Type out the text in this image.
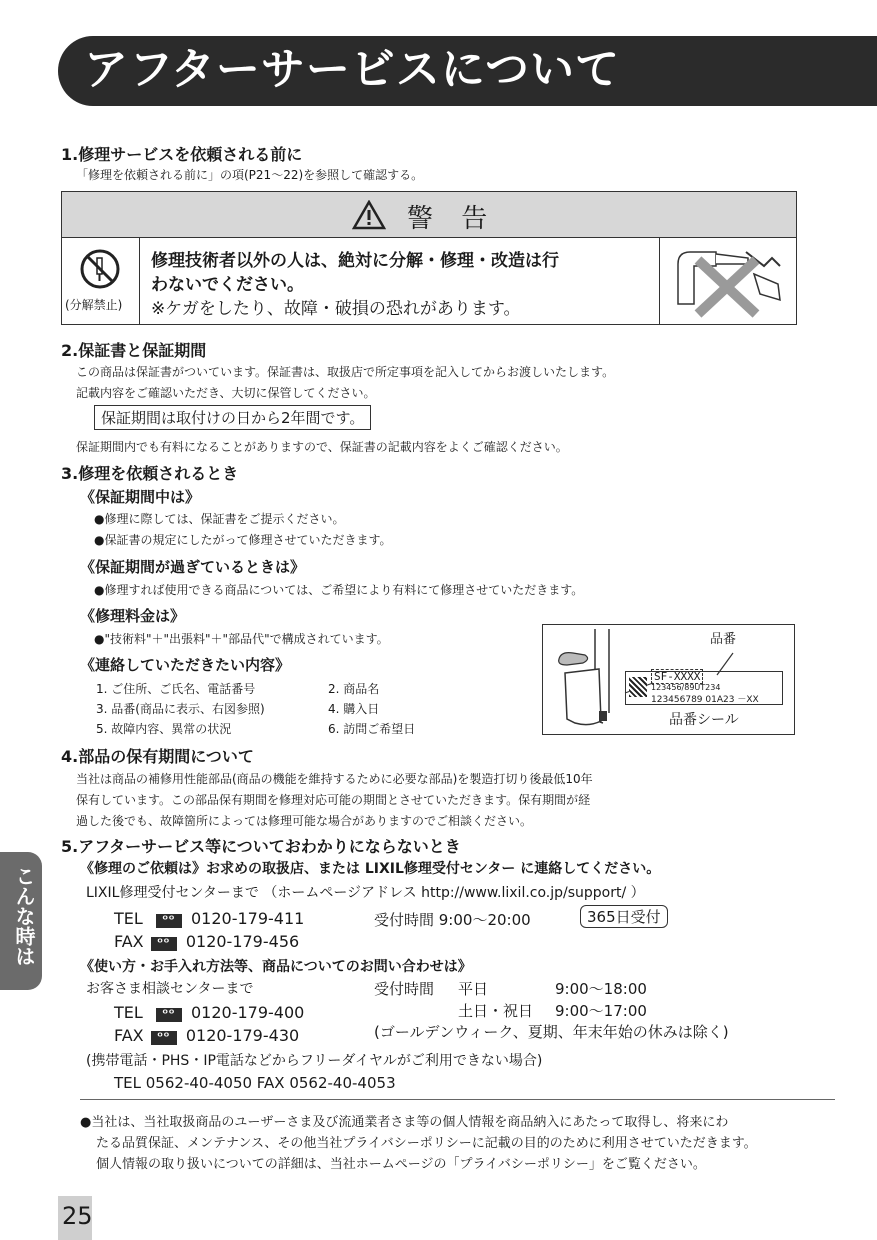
アフターサービスについて
1.修理サービスを依頼される前に
「修理を依頼される前に」の項(P21～22)を参照して確認する。
警 告
(分解禁止)
修理技術者以外の人は、絶対に分解・修理・改造は行
わないでください。
※ケガをしたり、故障・破損の恐れがあります。
2.保証書と保証期間
この商品は保証書がついています。保証書は、取扱店で所定事項を記入してからお渡しいたします。
記載内容をご確認いただき、大切に保管してください。
保証期間は取付けの日から2年間です。
保証期間内でも有料になることがありますので、保証書の記載内容をよくご確認ください。
3.修理を依頼されるとき
《保証期間中は》
●修理に際しては、保証書をご提示ください。
●保証書の規定にしたがって修理させていただきます。
《保証期間が過ぎているときは》
●修理すれば使用できる商品については、ご希望により有料にて修理させていただきます。
《修理料金は》
●"技術料"＋"出張料"＋"部品代"で構成されています。
《連絡していただきたい内容》
1. ご住所、ご氏名、電話番号	2. 商品名
3. 品番(商品に表示、右図参照)	4. 購入日
5. 故障内容、異常の状況	6. 訪問ご希望日
品番
SF-XXXX
123456/89UT234
123456789 01A23 －XX
品番シール
4.部品の保有期間について
当社は商品の補修用性能部品(商品の機能を維持するために必要な部品)を製造打切り後最低10年
保有しています。この部品保有期間を修理対応可能の期間とさせていただきます。保有期間が経
過した後でも、故障箇所によっては修理可能な場合がありますのでご相談ください。
5.アフターサービス等についておわかりにならないとき
《修理のご依頼は》お求めの取扱店、または LIXIL修理受付センター に連絡してください。
LIXIL修理受付センターまで （ホームページアドレス http://www.lixil.co.jp/support/ ）
TEL ᴼᴼ 0120-179-411	受付時間 9:00～20:00	365日受付
FAX ᴼᴼ 0120-179-456
《使い方・お手入れ方法等、商品についてのお問い合わせは》
お客さま相談センターまで	受付時間 平日	9:00～18:00
土日・祝日 9:00～17:00
TEL ᴼᴼ 0120-179-400
FAX ᴼᴼ 0120-179-430	(ゴールデンウィーク、夏期、年末年始の休みは除く)
(携帯電話・PHS・IP電話などからフリーダイヤルがご利用できない場合)
TEL 0562-40-4050 FAX 0562-40-4053
●当社は、当社取扱商品のユーザーさま及び流通業者さま等の個人情報を商品納入にあたって取得し、将来にわ
たる品質保証、メンテナンス、その他当社プライバシーポリシーに記載の目的のために利用させていただきます。
個人情報の取り扱いについての詳細は、当社ホームページの「プライバシーポリシー」をご覧ください。
こんな時は
25
